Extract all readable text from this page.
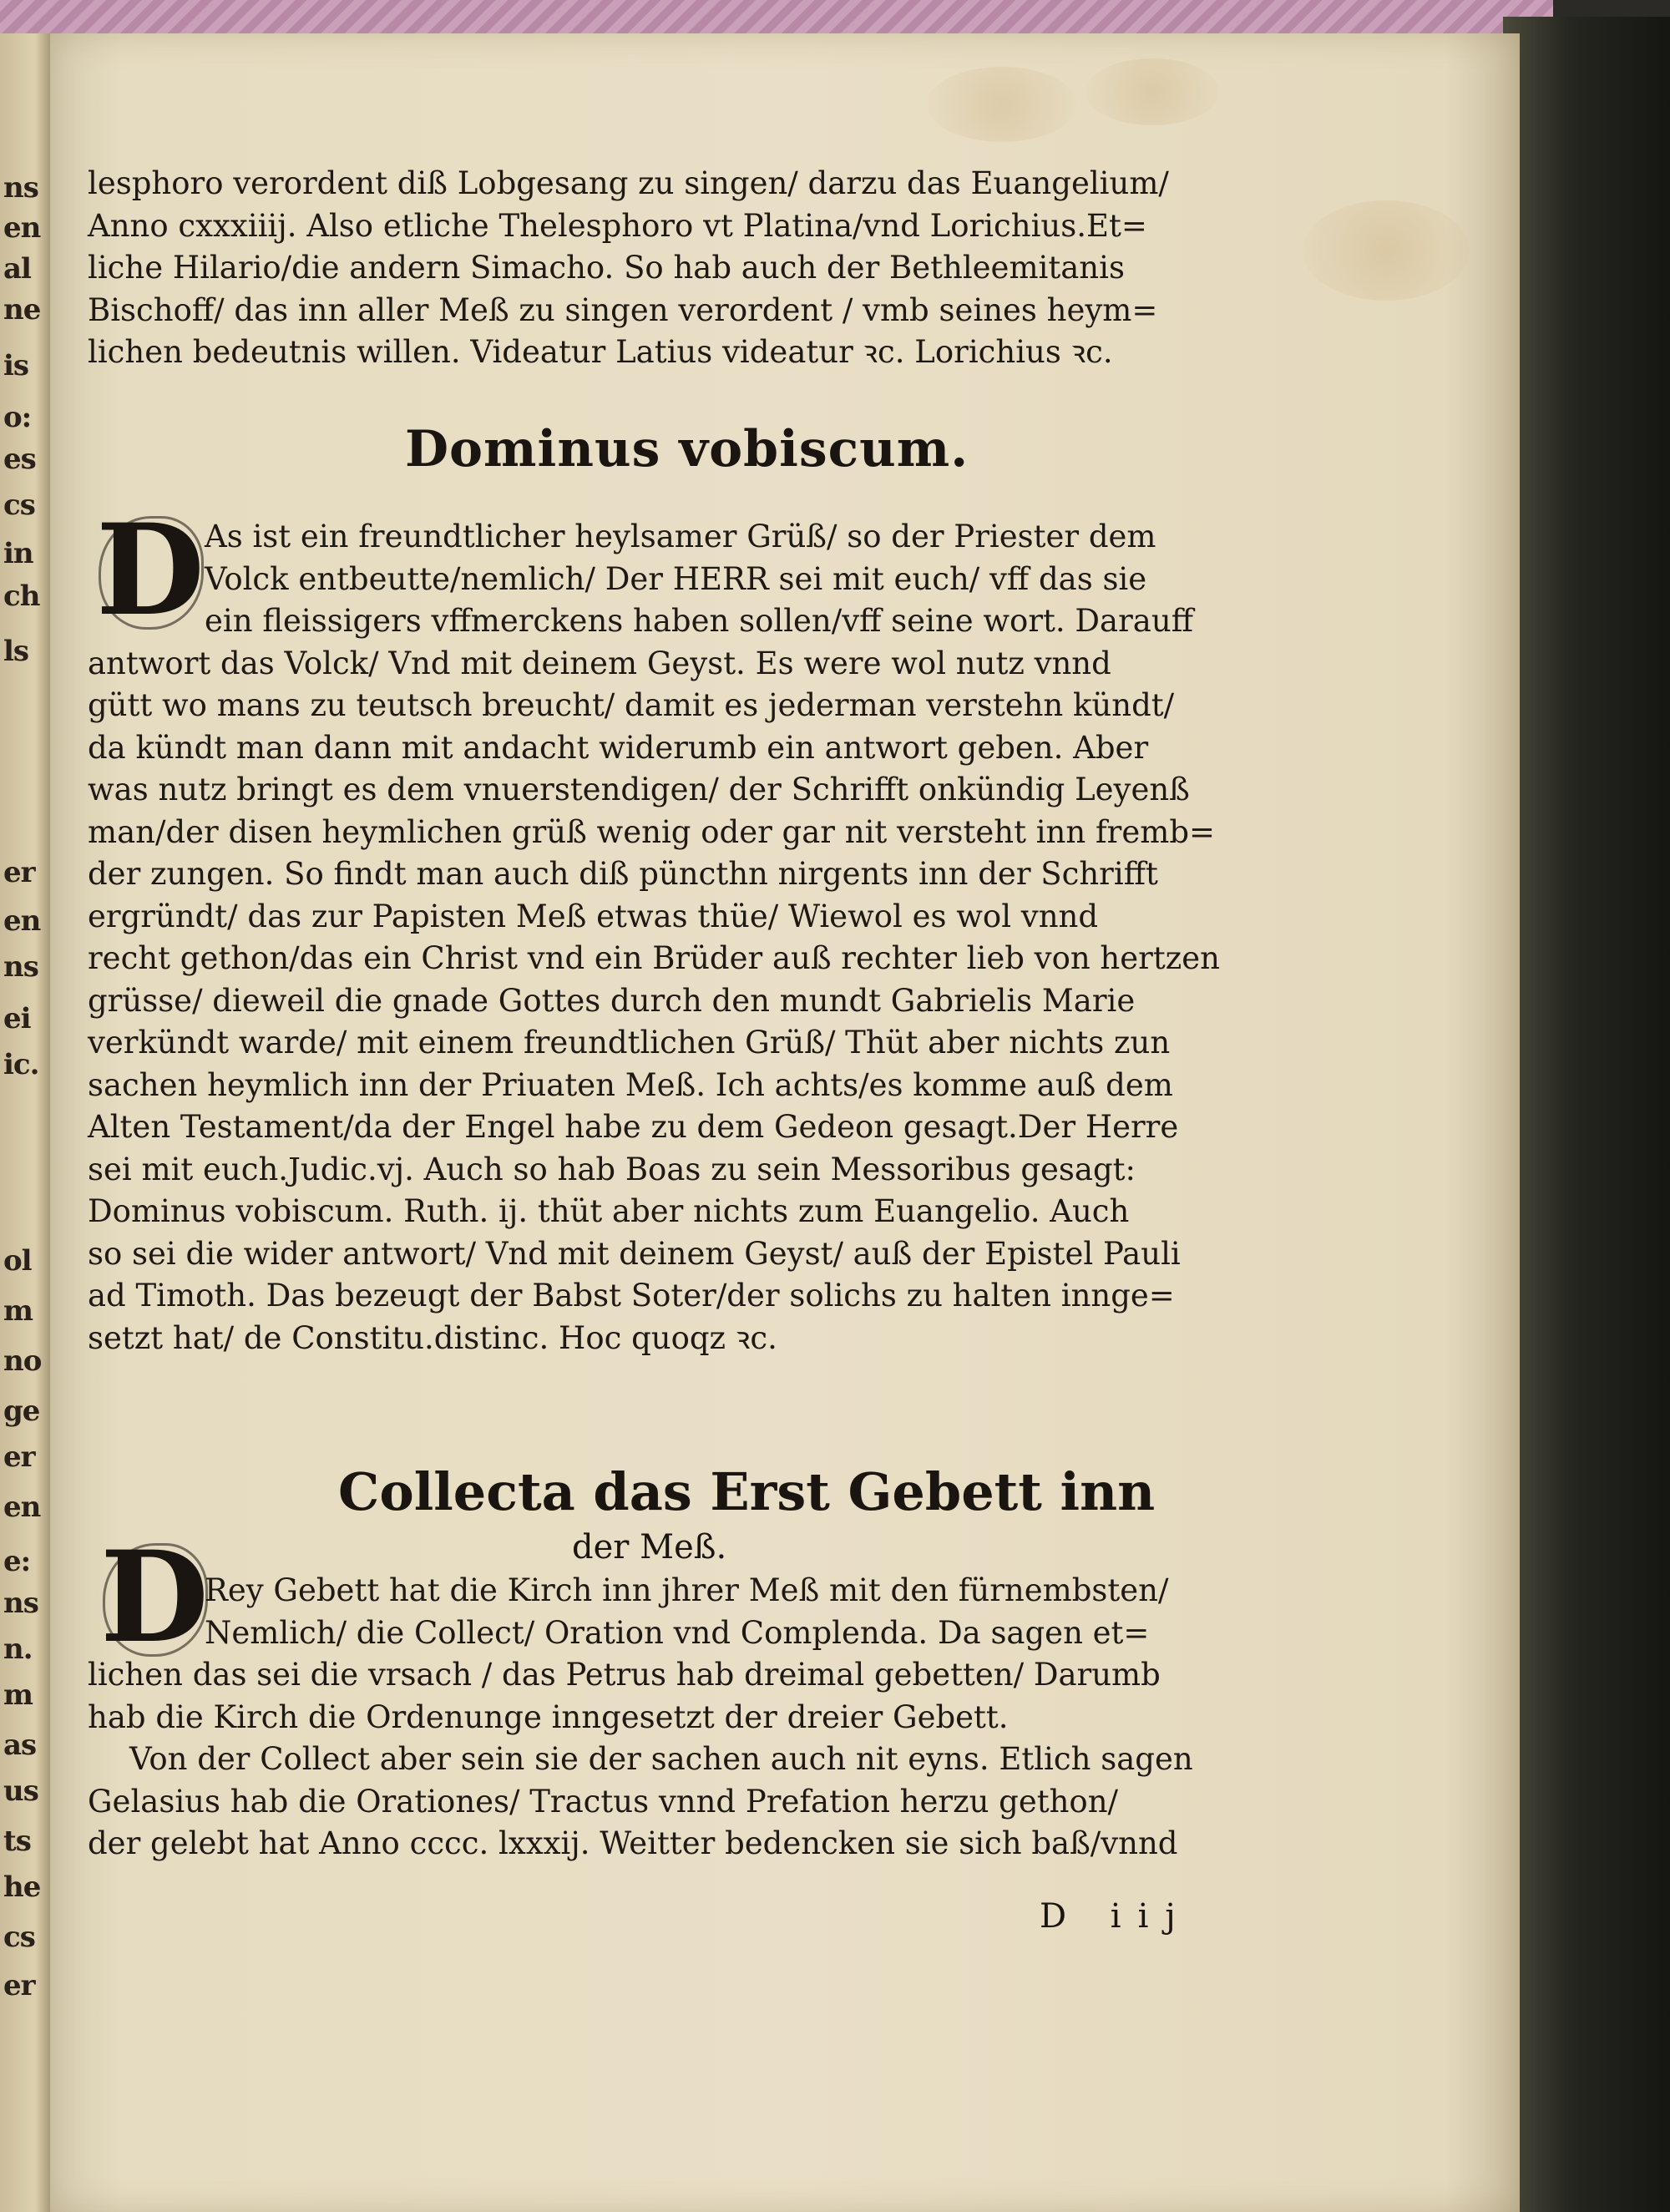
ns
en
al
ne
is
o:
es
cs
in
ch
ls
er
en
ns
ei
ic.
ol
m
no
ge
er
en
e:
ns
n.
m
as
us
ts
he
cs
er
lesphoro verordent diß Lobgesang zu singen/ darzu das Euangelium/
Anno cxxxiiij. Also etliche Thelesphoro vt Platina/vnd Lorichius.Et=
liche Hilario/die andern Simacho. So hab auch der Bethleemitanis
Bischoff/ das inn aller Meß zu singen verordent / vmb seines heym=
lichen bedeutnis willen. Videatur Latius videatur ꝛc. Lorichius ꝛc.
Dominus vobiscum.
D As ist ein freundtlicher heylsamer Grüß/ so der Priester dem
Volck entbeutte/nemlich/ Der HERR sei mit euch/ vff das sie
ein fleissigers vffmerckens haben sollen/vff seine wort. Darauff
antwort das Volck/ Vnd mit deinem Geyst. Es were wol nutz vnnd
gütt wo mans zu teutsch breucht/ damit es jederman verstehn kündt/
da kündt man dann mit andacht widerumb ein antwort geben. Aber
was nutz bringt es dem vnuerstendigen/ der Schrifft onkündig Leyenß
man/der disen heymlichen grüß wenig oder gar nit versteht inn fremb=
der zungen. So findt man auch diß püncthn nirgents inn der Schrifft
ergründt/ das zur Papisten Meß etwas thüe/ Wiewol es wol vnnd
recht gethon/das ein Christ vnd ein Brüder auß rechter lieb von hertzen
grüsse/ dieweil die gnade Gottes durch den mundt Gabrielis Marie
verkündt warde/ mit einem freundtlichen Grüß/ Thüt aber nichts zun
sachen heymlich inn der Priuaten Meß. Ich achts/es komme auß dem
Alten Testament/da der Engel habe zu dem Gedeon gesagt.Der Herre
sei mit euch.Judic.vj. Auch so hab Boas zu sein Messoribus gesagt:
Dominus vobiscum. Ruth. ij. thüt aber nichts zum Euangelio. Auch
so sei die wider antwort/ Vnd mit deinem Geyst/ auß der Epistel Pauli
ad Timoth. Das bezeugt der Babst Soter/der solichs zu halten innge=
setzt hat/ de Constitu.distinc. Hoc quoqz ꝛc.
Collecta das Erst Gebett inn
der Meß.
D
Rey Gebett hat die Kirch inn jhrer Meß mit den fürnembsten/
Nemlich/ die Collect/ Oration vnd Complenda. Da sagen et=
lichen das sei die vrsach / das Petrus hab dreimal gebetten/ Darumb
hab die Kirch die Ordenunge inngesetzt der dreier Gebett.
Von der Collect aber sein sie der sachen auch nit eyns. Etlich sagen
Gelasius hab die Orationes/ Tractus vnnd Prefation herzu gethon/
der gelebt hat Anno cccc. lxxxij. Weitter bedencken sie sich baß/vnnd
D iij
